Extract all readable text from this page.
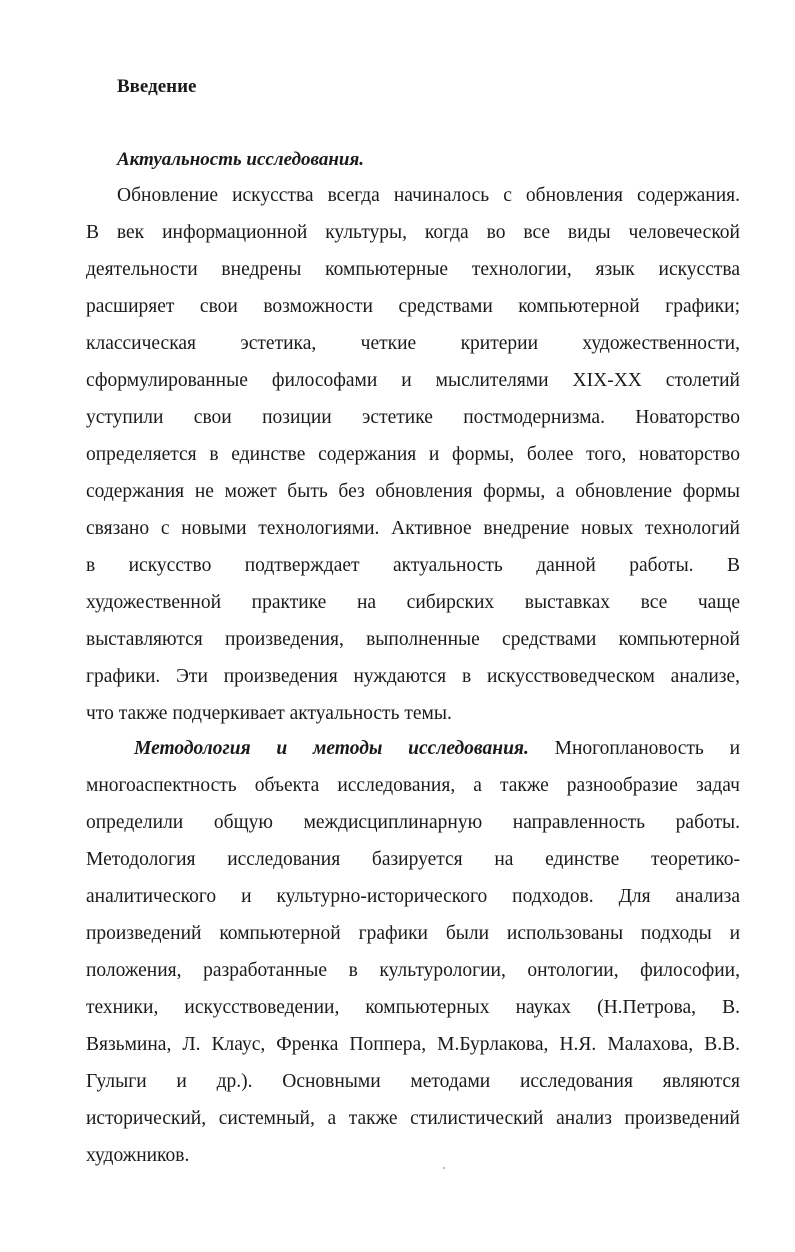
Введение
Актуальность исследования.
Обновление искусства всегда начиналось с обновления содержания.
В век информационной культуры, когда во все виды человеческой
деятельности внедрены компьютерные технологии, язык искусства
расширяет свои возможности средствами компьютерной графики;
классическая эстетика, четкие критерии художественности,
сформулированные философами и мыслителями XIX-XX столетий
уступили свои позиции эстетике постмодернизма. Новаторство
определяется в единстве содержания и формы, более того, новаторство
содержания не может быть без обновления формы, а обновление формы
связано с новыми технологиями. Активное внедрение новых технологий
в искусство подтверждает актуальность данной работы. В
художественной практике на сибирских выставках все чаще
выставляются произведения, выполненные средствами компьютерной
графики. Эти произведения нуждаются в искусствоведческом анализе,
что также подчеркивает актуальность темы.
Методология и методы исследования. Многоплановость и
многоаспектность объекта исследования, а также разнообразие задач
определили общую междисциплинарную направленность работы.
Методология исследования базируется на единстве теоретико-
аналитического и культурно-исторического подходов. Для анализа
произведений компьютерной графики были использованы подходы и
положения, разработанные в культурологии, онтологии, философии,
техники, искусствоведении, компьютерных науках (Н.Петрова, В.
Вязьмина, Л. Клаус, Френка Поппера, М.Бурлакова, Н.Я. Малахова, В.В.
Гулыги и др.). Основными методами исследования являются
исторический, системный, а также стилистический анализ произведений
художников.
